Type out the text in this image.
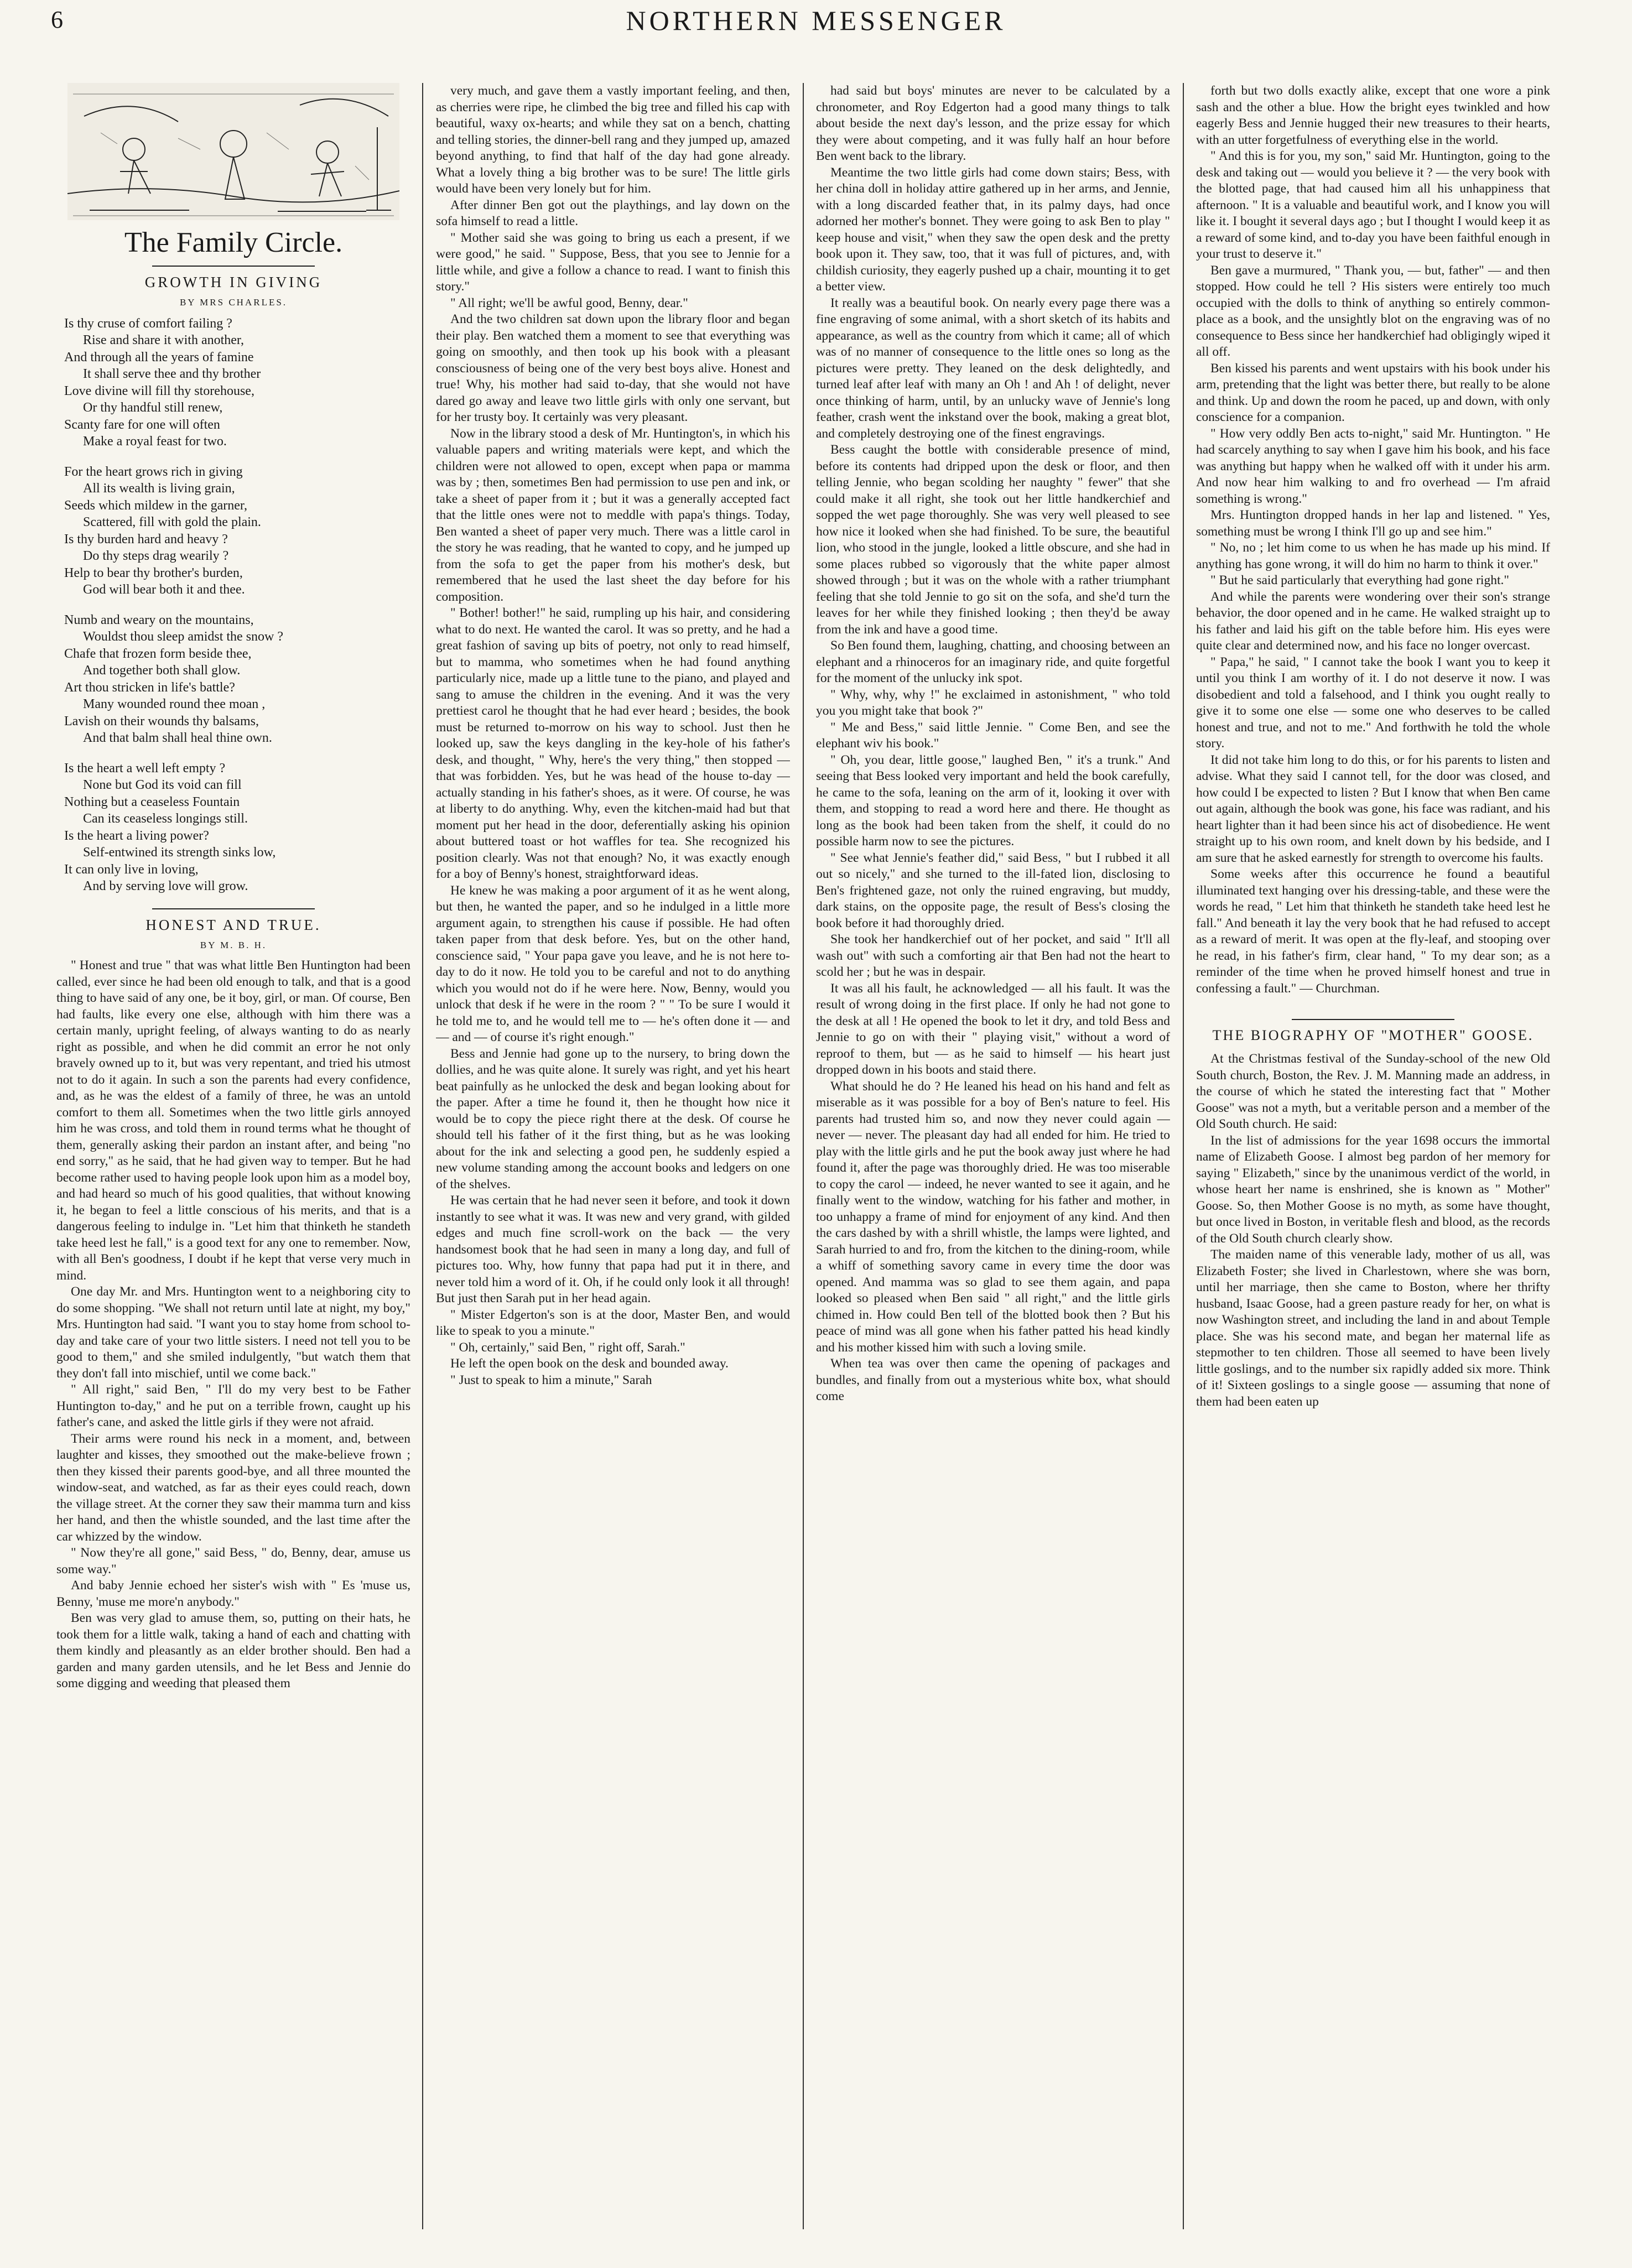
6	NORTHERN MESSENGER
The Family Circle.
GROWTH IN GIVING
BY MRS CHARLES.
Is thy cruse of comfort failing ?
Rise and share it with another,
And through all the years of famine
It shall serve thee and thy brother
Love divine will fill thy storehouse,
Or thy handful still renew,
Scanty fare for one will often
Make a royal feast for two.
For the heart grows rich in giving
All its wealth is living grain,
Seeds which mildew in the garner,
Scattered, fill with gold the plain.
Is thy burden hard and heavy ?
Do thy steps drag wearily ?
Help to bear thy brother's burden,
God will bear both it and thee.
Numb and weary on the mountains,
Wouldst thou sleep amidst the snow ?
Chafe that frozen form beside thee,
And together both shall glow.
Art thou stricken in life's battle?
Many wounded round thee moan ,
Lavish on their wounds thy balsams,
And that balm shall heal thine own.
Is the heart a well left empty ?
None but God its void can fill
Nothing but a ceaseless Fountain
Can its ceaseless longings still.
Is the heart a living power?
Self-entwined its strength sinks low,
It can only live in loving,
And by serving love will grow.
HONEST AND TRUE.
BY M. B. H.

" Honest and true " that was what little Ben Huntington had been called, ever since he had been old enough to talk, and that is a good thing to have said of any one, be it boy, girl, or man. Of course, Ben had faults, like every one else, although with him there was a certain manly, upright feeling, of always wanting to do as nearly right as possible, and when he did commit an error he not only bravely owned up to it, but was very repentant, and tried his utmost not to do it again. In such a son the parents had every confidence, and, as he was the eldest of a family of three, he was an untold comfort to them all. Sometimes when the two little girls annoyed him he was cross, and told them in round terms what he thought of them, generally asking their pardon an instant after, and being "no end sorry," as he said, that he had given way to temper. But he had become rather used to having people look upon him as a model boy, and had heard so much of his good qualities, that without knowing it, he began to feel a little conscious of his merits, and that is a dangerous feeling to indulge in. "Let him that thinketh he standeth take heed lest he fall," is a good text for any one to remember. Now, with all Ben's goodness, I doubt if he kept that verse very much in mind.

One day Mr. and Mrs. Huntington went to a neighboring city to do some shopping. "We shall not return until late at night, my boy," Mrs. Huntington had said. "I want you to stay home from school to-day and take care of your two little sisters. I need not tell you to be good to them," and she smiled indulgently, "but watch them that they don't fall into mischief, until we come back."

" All right," said Ben, " I'll do my very best to be Father Huntington to-day," and he put on a terrible frown, caught up his father's cane, and asked the little girls if they were not afraid.

Their arms were round his neck in a moment, and, between laughter and kisses, they smoothed out the make-believe frown ; then they kissed their parents good-bye, and all three mounted the window-seat, and watched, as far as their eyes could reach, down the village street. At the corner they saw their mamma turn and kiss her hand, and then the whistle sounded, and the last time after the car whizzed by the window.

" Now they're all gone," said Bess, " do, Benny, dear, amuse us some way."

And baby Jennie echoed her sister's wish with " Es 'muse us, Benny, 'muse me more'n anybody."

Ben was very glad to amuse them, so, putting on their hats, he took them for a little walk, taking a hand of each and chatting with them kindly and pleasantly as an elder brother should. Ben had a garden and many garden utensils, and he let Bess and Jennie do some digging and weeding that pleased them

very much, and gave them a vastly important feeling, and then, as cherries were ripe, he climbed the big tree and filled his cap with beautiful, waxy ox-hearts; and while they sat on a bench, chatting and telling stories, the dinner-bell rang and they jumped up, amazed beyond anything, to find that half of the day had gone already. What a lovely thing a big brother was to be sure! The little girls would have been very lonely but for him.

After dinner Ben got out the playthings, and lay down on the sofa himself to read a little.

" Mother said she was going to bring us each a present, if we were good," he said. " Suppose, Bess, that you see to Jennie for a little while, and give a follow a chance to read. I want to finish this story."

" All right; we'll be awful good, Benny, dear."

And the two children sat down upon the library floor and began their play. Ben watched them a moment to see that everything was going on smoothly, and then took up his book with a pleasant consciousness of being one of the very best boys alive. Honest and true! Why, his mother had said to-day, that she would not have dared go away and leave two little girls with only one servant, but for her trusty boy. It certainly was very pleasant.

Now in the library stood a desk of Mr. Huntington's, in which his valuable papers and writing materials were kept, and which the children were not allowed to open, except when papa or mamma was by ; then, sometimes Ben had permission to use pen and ink, or take a sheet of paper from it ; but it was a generally accepted fact that the little ones were not to meddle with papa's things. Today, Ben wanted a sheet of paper very much. There was a little carol in the story he was reading, that he wanted to copy, and he jumped up from the sofa to get the paper from his mother's desk, but remembered that he used the last sheet the day before for his composition.

" Bother! bother!" he said, rumpling up his hair, and considering what to do next. He wanted the carol. It was so pretty, and he had a great fashion of saving up bits of poetry, not only to read himself, but to mamma, who sometimes when he had found anything particularly nice, made up a little tune to the piano, and played and sang to amuse the children in the evening. And it was the very prettiest carol he thought that he had ever heard ; besides, the book must be returned to-morrow on his way to school. Just then he looked up, saw the keys dangling in the key-hole of his father's desk, and thought, " Why, here's the very thing," then stopped — that was forbidden. Yes, but he was head of the house to-day — actually standing in his father's shoes, as it were. Of course, he was at liberty to do anything. Why, even the kitchen-maid had but that moment put her head in the door, deferentially asking his opinion about buttered toast or hot waffles for tea. She recognized his position clearly. Was not that enough? No, it was exactly enough for a boy of Benny's honest, straightforward ideas.

He knew he was making a poor argument of it as he went along, but then, he wanted the paper, and so he indulged in a little more argument again, to strengthen his cause if possible. He had often taken paper from that desk before. Yes, but on the other hand, conscience said, " Your papa gave you leave, and he is not here to-day to do it now. He told you to be careful and not to do anything which you would not do if he were here. Now, Benny, would you unlock that desk if he were in the room ? " " To be sure I would it he told me to, and he would tell me to — he's often done it — and — and — of course it's right enough."

Bess and Jennie had gone up to the nursery, to bring down the dollies, and he was quite alone. It surely was right, and yet his heart beat painfully as he unlocked the desk and began looking about for the paper. After a time he found it, then he thought how nice it would be to copy the piece right there at the desk. Of course he should tell his father of it the first thing, but as he was looking about for the ink and selecting a good pen, he suddenly espied a new volume standing among the account books and ledgers on one of the shelves.

He was certain that he had never seen it before, and took it down instantly to see what it was. It was new and very grand, with gilded edges and much fine scroll-work on the back — the very handsomest book that he had seen in many a long day, and full of pictures too. Why, how funny that papa had put it in there, and never told him a word of it. Oh, if he could only look it all through! But just then Sarah put in her head again.

" Mister Edgerton's son is at the door, Master Ben, and would like to speak to you a minute."

" Oh, certainly," said Ben, " right off, Sarah."

He left the open book on the desk and bounded away.

" Just to speak to him a minute," Sarah

had said but boys' minutes are never to be calculated by a chronometer, and Roy Edgerton had a good many things to talk about beside the next day's lesson, and the prize essay for which they were about competing, and it was fully half an hour before Ben went back to the library.

Meantime the two little girls had come down stairs; Bess, with her china doll in holiday attire gathered up in her arms, and Jennie, with a long discarded feather that, in its palmy days, had once adorned her mother's bonnet. They were going to ask Ben to play " keep house and visit," when they saw the open desk and the pretty book upon it. They saw, too, that it was full of pictures, and, with childish curiosity, they eagerly pushed up a chair, mounting it to get a better view.

It really was a beautiful book. On nearly every page there was a fine engraving of some animal, with a short sketch of its habits and appearance, as well as the country from which it came; all of which was of no manner of consequence to the little ones so long as the pictures were pretty. They leaned on the desk delightedly, and turned leaf after leaf with many an Oh ! and Ah ! of delight, never once thinking of harm, until, by an unlucky wave of Jennie's long feather, crash went the inkstand over the book, making a great blot, and completely destroying one of the finest engravings.

Bess caught the bottle with considerable presence of mind, before its contents had dripped upon the desk or floor, and then telling Jennie, who began scolding her naughty " fewer" that she could make it all right, she took out her little handkerchief and sopped the wet page thoroughly. She was very well pleased to see how nice it looked when she had finished. To be sure, the beautiful lion, who stood in the jungle, looked a little obscure, and she had in some places rubbed so vigorously that the white paper almost showed through ; but it was on the whole with a rather triumphant feeling that she told Jennie to go sit on the sofa, and she'd turn the leaves for her while they finished looking ; then they'd be away from the ink and have a good time.

So Ben found them, laughing, chatting, and choosing between an elephant and a rhinoceros for an imaginary ride, and quite forgetful for the moment of the unlucky ink spot.

" Why, why, why !" he exclaimed in astonishment, " who told you you might take that book ?"

" Me and Bess," said little Jennie. " Come Ben, and see the elephant wiv his book."

" Oh, you dear, little goose," laughed Ben, " it's a trunk." And seeing that Bess looked very important and held the book carefully, he came to the sofa, leaning on the arm of it, looking it over with them, and stopping to read a word here and there. He thought as long as the book had been taken from the shelf, it could do no possible harm now to see the pictures.

" See what Jennie's feather did," said Bess, " but I rubbed it all out so nicely," and she turned to the ill-fated lion, disclosing to Ben's frightened gaze, not only the ruined engraving, but muddy, dark stains, on the opposite page, the result of Bess's closing the book before it had thoroughly dried.

She took her handkerchief out of her pocket, and said " It'll all wash out" with such a comforting air that Ben had not the heart to scold her ; but he was in despair.

It was all his fault, he acknowledged — all his fault. It was the result of wrong doing in the first place. If only he had not gone to the desk at all ! He opened the book to let it dry, and told Bess and Jennie to go on with their " playing visit," without a word of reproof to them, but — as he said to himself — his heart just dropped down in his boots and staid there.

What should he do ? He leaned his head on his hand and felt as miserable as it was possible for a boy of Ben's nature to feel. His parents had trusted him so, and now they never could again — never — never. The pleasant day had all ended for him. He tried to play with the little girls and he put the book away just where he had found it, after the page was thoroughly dried. He was too miserable to copy the carol — indeed, he never wanted to see it again, and he finally went to the window, watching for his father and mother, in too unhappy a frame of mind for enjoyment of any kind. And then the cars dashed by with a shrill whistle, the lamps were lighted, and Sarah hurried to and fro, from the kitchen to the dining-room, while a whiff of something savory came in every time the door was opened. And mamma was so glad to see them again, and papa looked so pleased when Ben said " all right," and the little girls chimed in. How could Ben tell of the blotted book then ? But his peace of mind was all gone when his father patted his head kindly and his mother kissed him with such a loving smile.

When tea was over then came the opening of packages and bundles, and finally from out a mysterious white box, what should come

forth but two dolls exactly alike, except that one wore a pink sash and the other a blue. How the bright eyes twinkled and how eagerly Bess and Jennie hugged their new treasures to their hearts, with an utter forgetfulness of everything else in the world.

" And this is for you, my son," said Mr. Huntington, going to the desk and taking out — would you believe it ? — the very book with the blotted page, that had caused him all his unhappiness that afternoon. " It is a valuable and beautiful work, and I know you will like it. I bought it several days ago ; but I thought I would keep it as a reward of some kind, and to-day you have been faithful enough in your trust to deserve it."

Ben gave a murmured, " Thank you, — but, father" — and then stopped. How could he tell ? His sisters were entirely too much occupied with the dolls to think of anything so entirely common-place as a book, and the unsightly blot on the engraving was of no consequence to Bess since her handkerchief had obligingly wiped it all off.

Ben kissed his parents and went upstairs with his book under his arm, pretending that the light was better there, but really to be alone and think. Up and down the room he paced, up and down, with only conscience for a companion.

" How very oddly Ben acts to-night," said Mr. Huntington. " He had scarcely anything to say when I gave him his book, and his face was anything but happy when he walked off with it under his arm. And now hear him walking to and fro overhead — I'm afraid something is wrong."

Mrs. Huntington dropped hands in her lap and listened. " Yes, something must be wrong I think I'll go up and see him."

" No, no ; let him come to us when he has made up his mind. If anything has gone wrong, it will do him no harm to think it over."

" But he said particularly that everything had gone right."

And while the parents were wondering over their son's strange behavior, the door opened and in he came. He walked straight up to his father and laid his gift on the table before him. His eyes were quite clear and determined now, and his face no longer overcast.

" Papa," he said, " I cannot take the book I want you to keep it until you think I am worthy of it. I do not deserve it now. I was disobedient and told a falsehood, and I think you ought really to give it to some one else — some one who deserves to be called honest and true, and not to me." And forthwith he told the whole story.

It did not take him long to do this, or for his parents to listen and advise. What they said I cannot tell, for the door was closed, and how could I be expected to listen ? But I know that when Ben came out again, although the book was gone, his face was radiant, and his heart lighter than it had been since his act of disobedience. He went straight up to his own room, and knelt down by his bedside, and I am sure that he asked earnestly for strength to overcome his faults.

Some weeks after this occurrence he found a beautiful illuminated text hanging over his dressing-table, and these were the words he read, " Let him that thinketh he standeth take heed lest he fall." And beneath it lay the very book that he had refused to accept as a reward of merit. It was open at the fly-leaf, and stooping over he read, in his father's firm, clear hand, " To my dear son; as a reminder of the time when he proved himself honest and true in confessing a fault." — Churchman.

THE BIOGRAPHY OF "MOTHER" GOOSE.

At the Christmas festival of the Sunday-school of the new Old South church, Boston, the Rev. J. M. Manning made an address, in the course of which he stated the interesting fact that " Mother Goose" was not a myth, but a veritable person and a member of the Old South church. He said:

In the list of admissions for the year 1698 occurs the immortal name of Elizabeth Goose. I almost beg pardon of her memory for saying " Elizabeth," since by the unanimous verdict of the world, in whose heart her name is enshrined, she is known as " Mother" Goose. So, then Mother Goose is no myth, as some have thought, but once lived in Boston, in veritable flesh and blood, as the records of the Old South church clearly show.

The maiden name of this venerable lady, mother of us all, was Elizabeth Foster; she lived in Charlestown, where she was born, until her marriage, then she came to Boston, where her thrifty husband, Isaac Goose, had a green pasture ready for her, on what is now Washington street, and including the land in and about Temple place. She was his second mate, and began her maternal life as stepmother to ten children. Those all seemed to have been lively little goslings, and to the number six rapidly added six more. Think of it! Sixteen goslings to a single goose — assuming that none of them had been eaten up
